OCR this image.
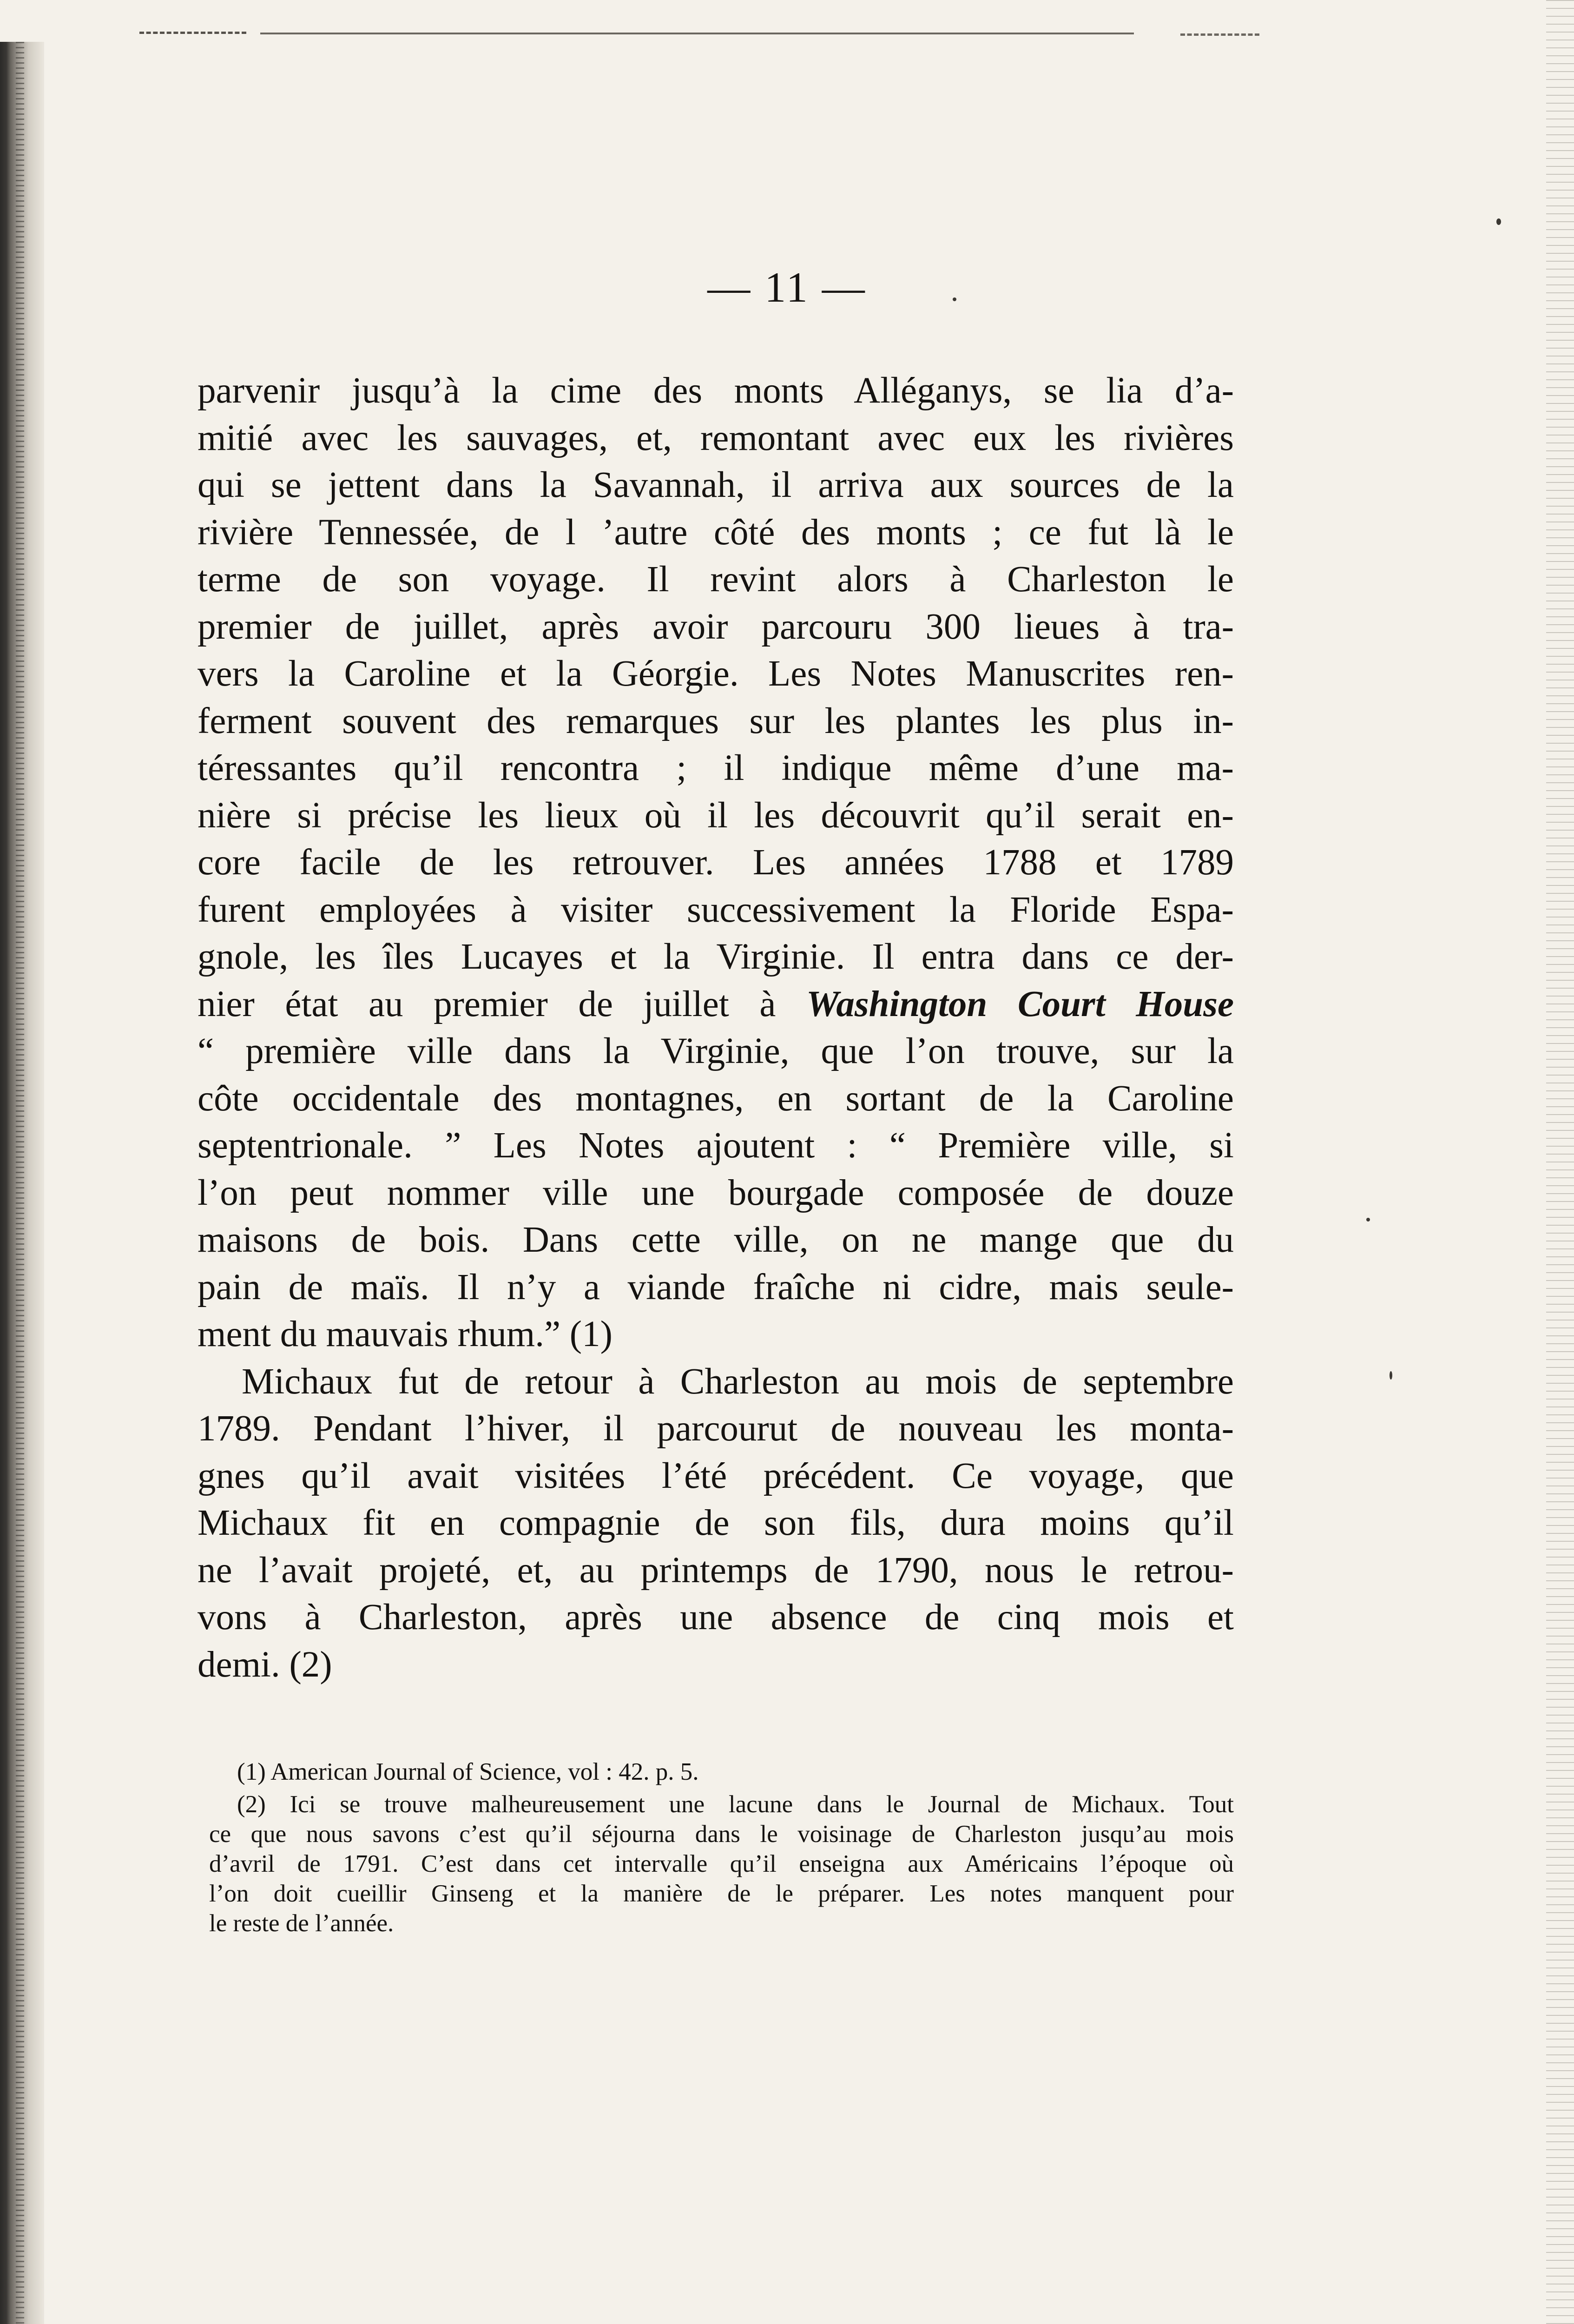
— 11 —

parvenir jusqu’à la cime des monts Alléganys, se lia d’a-
mitié avec les sauvages, et, remontant avec eux les rivières
qui se jettent dans la Savannah, il arriva aux sources de la
rivière Tennessée, de l ’autre côté des monts ; ce fut là le
terme de son voyage. Il revint alors à Charleston le
premier de juillet, après avoir parcouru 300 lieues à tra-
vers la Caroline et la Géorgie. Les Notes Manuscrites ren-
ferment souvent des remarques sur les plantes les plus in-
téressantes qu’il rencontra ; il indique même d’une ma-
nière si précise les lieux où il les découvrit qu’il serait en-
core facile de les retrouver. Les années 1788 et 1789
furent employées à visiter successivement la Floride Espa-
gnole, les îles Lucayes et la Virginie. Il entra dans ce der-
nier état au premier de juillet à Washington Court House
“ première ville dans la Virginie, que l’on trouve, sur la
côte occidentale des montagnes, en sortant de la Caroline
septentrionale. ” Les Notes ajoutent : “ Première ville, si
l’on peut nommer ville une bourgade composée de douze
maisons de bois. Dans cette ville, on ne mange que du
pain de maïs. Il n’y a viande fraîche ni cidre, mais seule-
ment du mauvais rhum.” (1)
Michaux fut de retour à Charleston au mois de septembre
1789. Pendant l’hiver, il parcourut de nouveau les monta-
gnes qu’il avait visitées l’été précédent. Ce voyage, que
Michaux fit en compagnie de son fils, dura moins qu’il
ne l’avait projeté, et, au printemps de 1790, nous le retrou-
vons à Charleston, après une absence de cinq mois et
demi. (2)

(1) American Journal of Science, vol : 42. p. 5.

(2) Ici se trouve malheureusement une lacune dans le Journal de Michaux. Tout
ce que nous savons c’est qu’il séjourna dans le voisinage de Charleston jusqu’au mois
d’avril de 1791. C’est dans cet intervalle qu’il enseigna aux Américains l’époque où
l’on doit cueillir Ginseng et la manière de le préparer. Les notes manquent pour
le reste de l’année.
